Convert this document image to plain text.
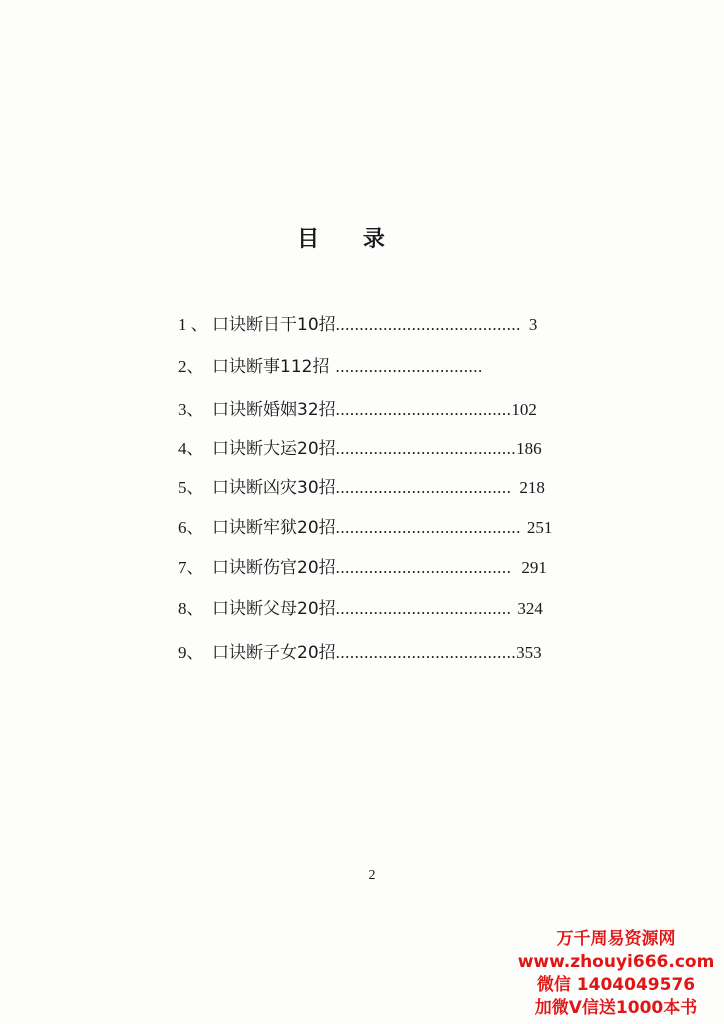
目 录
1 、 口诀断日干10招....................................... 3
2、 口诀断事112招...............................
3、 口诀断婚姻32招.....................................102
4、 口诀断大运20招......................................186
5、 口诀断凶灾30招..................................... 218
6、 口诀断牢狱20招....................................... 251
7、 口诀断伤官20招..................................... 291
8、 口诀断父母20招..................................... 324
9、 口诀断子女20招......................................353
2
万千周易资源网
www.zhouyi666.com
微信 1404049576
加微V信送1000本书
